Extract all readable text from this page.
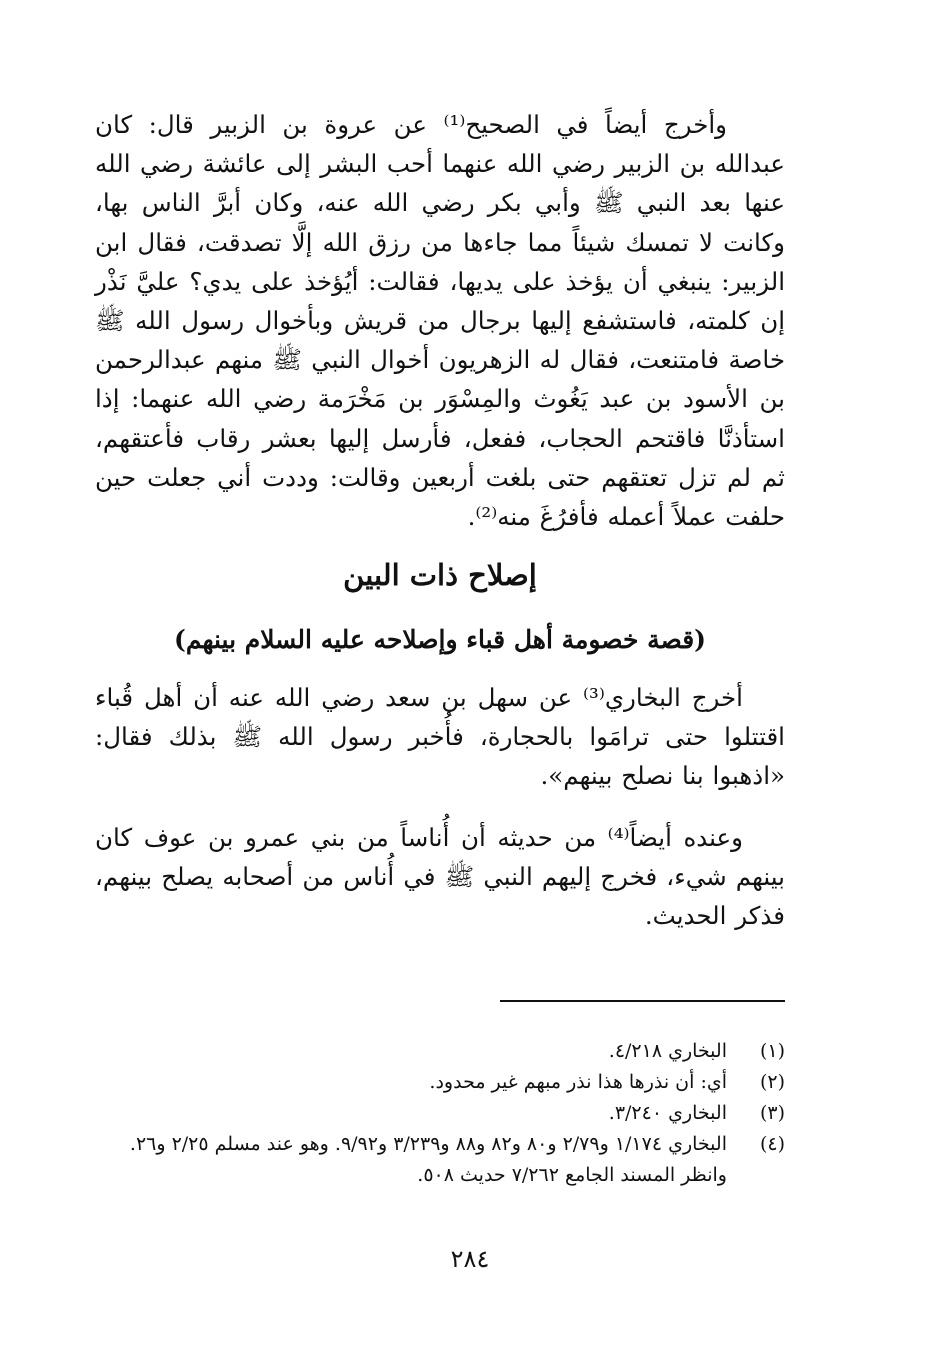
وأخرج أيضاً في الصحيح⁽¹⁾ عن عروة بن الزبير قال: كان عبدالله بن الزبير رضي الله عنهما أحب البشر إلى عائشة رضي الله عنها بعد النبي ﷺ وأبي بكر رضي الله عنه، وكان أبرَّ الناس بها، وكانت لا تمسك شيئاً مما جاءها من رزق الله إلَّا تصدقت، فقال ابن الزبير: ينبغي أن يؤخذ على يديها، فقالت: أيُؤخذ على يدي؟ عليَّ نَذْر إن كلمته، فاستشفع إليها برجال من قريش وبأخوال رسول الله ﷺ خاصة فامتنعت، فقال له الزهريون أخوال النبي ﷺ منهم عبدالرحمن بن الأسود بن عبد يَغُوث والمِسْوَر بن مَخْرَمة رضي الله عنهما: إذا استأذنَّا فاقتحم الحجاب، ففعل، فأرسل إليها بعشر رقاب فأعتقهم، ثم لم تزل تعتقهم حتى بلغت أربعين وقالت: وددت أني جعلت حين حلفت عملاً أعمله فأفرُغَ منه⁽²⁾.

إصلاح ذات البين
(قصة خصومة أهل قباء وإصلاحه عليه السلام بينهم)

أخرج البخاري⁽³⁾ عن سهل بن سعد رضي الله عنه أن أهل قُباء اقتتلوا حتى ترامَوا بالحجارة، فأُخبر رسول الله ﷺ بذلك فقال: «اذهبوا بنا نصلح بينهم».

وعنده أيضاً⁽⁴⁾ من حديثه أن أُناساً من بني عمرو بن عوف كان بينهم شيء، فخرج إليهم النبي ﷺ في أُناس من أصحابه يصلح بينهم، فذكر الحديث.

(١)
البخاري ٤/٢١٨.
(٢)
أي: أن نذرها هذا نذر مبهم غير محدود.
(٣)
البخاري ٣/٢٤٠.
(٤)
البخاري ١/١٧٤ و٢/٧٩ و٨٠ و٨٢ و٨٨ و٣/٢٣٩ و٩/٩٢. وهو عند مسلم ٢/٢٥ و٢٦. وانظر المسند الجامع ٧/٢٦٢ حديث ٥٠٨.
٢٨٤
